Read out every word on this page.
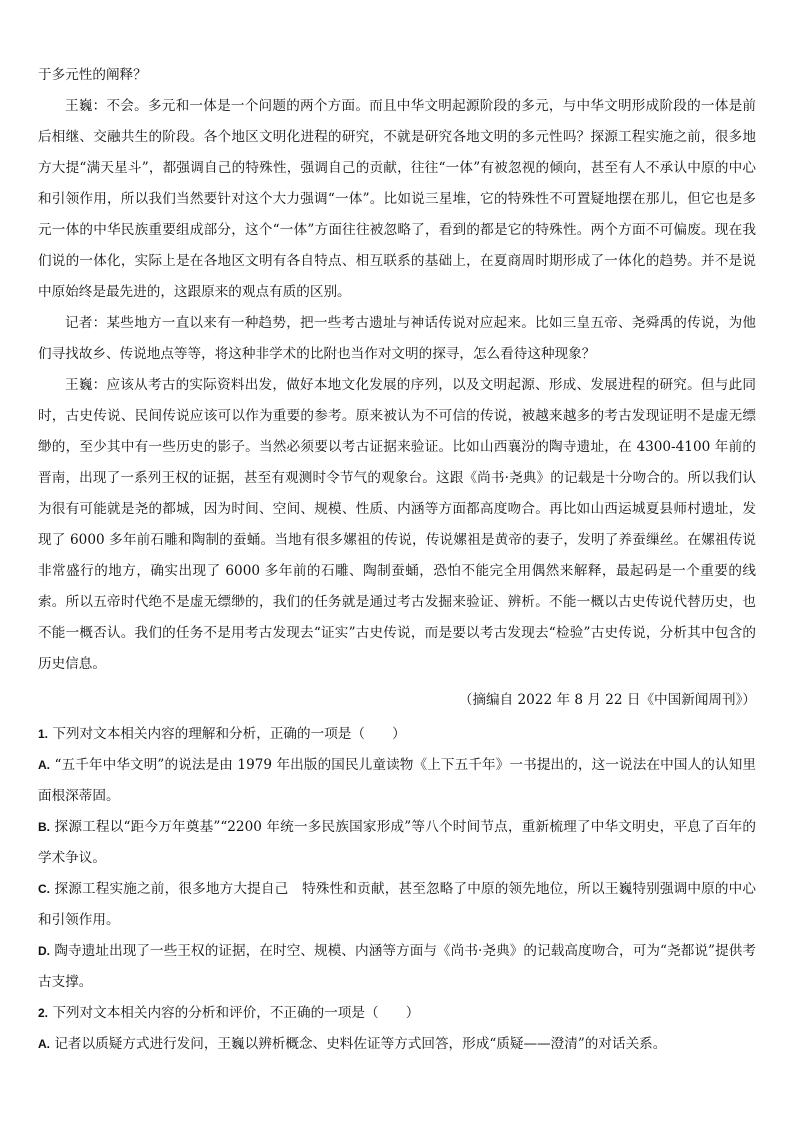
于多元性的阐释？

王巍：不会。多元和一体是一个问题的两个方面。而且中华文明起源阶段的多元，与中华文明形成阶段的一体是前后相继、交融共生的阶段。各个地区文明化进程的研究，不就是研究各地文明的多元性吗？探源工程实施之前，很多地方大提“满天星斗”，都强调自己的特殊性，强调自己的贡献，往往“一体”有被忽视的倾向，甚至有人不承认中原的中心和引领作用，所以我们当然要针对这个大力强调“一体”。比如说三星堆，它的特殊性不可置疑地摆在那儿，但它也是多元一体的中华民族重要组成部分，这个“一体”方面往往被忽略了，看到的都是它的特殊性。两个方面不可偏废。现在我们说的一体化，实际上是在各地区文明有各自特点、相互联系的基础上，在夏商周时期形成了一体化的趋势。并不是说中原始终是最先进的，这跟原来的观点有质的区别。

记者：某些地方一直以来有一种趋势，把一些考古遗址与神话传说对应起来。比如三皇五帝、尧舜禹的传说，为他们寻找故乡、传说地点等等，将这种非学术的比附也当作对文明的探寻，怎么看待这种现象？

王巍：应该从考古的实际资料出发，做好本地文化发展的序列，以及文明起源、形成、发展进程的研究。但与此同时，古史传说、民间传说应该可以作为重要的参考。原来被认为不可信的传说，被越来越多的考古发现证明不是虚无缥缈的，至少其中有一些历史的影子。当然必须要以考古证据来验证。比如山西襄汾的陶寺遗址，在 4300-4100 年前的晋南，出现了一系列王权的证据，甚至有观测时令节气的观象台。这跟《尚书·尧典》的记载是十分吻合的。所以我们认为很有可能就是尧的都城，因为时间、空间、规模、性质、内涵等方面都高度吻合。再比如山西运城夏县师村遗址，发现了 6000 多年前石雕和陶制的蚕蛹。当地有很多嫘祖的传说，传说嫘祖是黄帝的妻子，发明了养蚕缫丝。在嫘祖传说非常盛行的地方，确实出现了 6000 多年前的石雕、陶制蚕蛹，恐怕不能完全用偶然来解释，最起码是一个重要的线索。所以五帝时代绝不是虚无缥缈的，我们的任务就是通过考古发掘来验证、辨析。不能一概以古史传说代替历史，也不能一概否认。我们的任务不是用考古发现去“证实”古史传说，而是要以考古发现去“检验”古史传说，分析其中包含的历史信息。

（摘编自 2022 年 8 月 22 日《中国新闻周刊》）

1. 下列对文本相关内容的理解和分析，正确的一项是（　　）

A. “五千年中华文明”的说法是由 1979 年出版的国民儿童读物《上下五千年》一书提出的，这一说法在中国人的认知里面根深蒂固。

B. 探源工程以“距今万年奠基”“2200 年统一多民族国家形成”等八个时间节点，重新梳理了中华文明史，平息了百年的学术争议。

C. 探源工程实施之前，很多地方大提自己　特殊性和贡献，甚至忽略了中原的领先地位，所以王巍特别强调中原的中心和引领作用。

D. 陶寺遗址出现了一些王权的证据，在时空、规模、内涵等方面与《尚书·尧典》的记载高度吻合，可为“尧都说”提供考古支撑。

2. 下列对文本相关内容的分析和评价，不正确的一项是（　　）

A. 记者以质疑方式进行发问，王巍以辨析概念、史料佐证等方式回答，形成“质疑——澄清”的对话关系。
